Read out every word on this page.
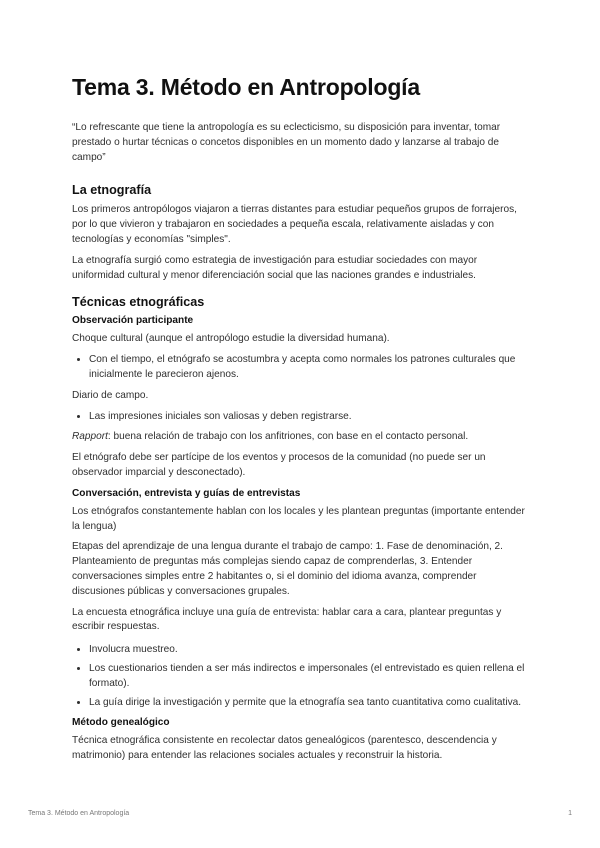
Tema 3. Método en Antropología

“Lo refrescante que tiene la antropología es su eclecticismo, su disposición para inventar, tomar prestado o hurtar técnicas o concetos disponibles en un momento dado y lanzarse al trabajo de campo”

La etnografía

Los primeros antropólogos viajaron a tierras distantes para estudiar pequeños grupos de forrajeros, por lo que vivieron y trabajaron en sociedades a pequeña escala, relativamente aisladas y con tecnologías y economías "simples".

La etnografía surgió como estrategia de investigación para estudiar sociedades con mayor uniformidad cultural y menor diferenciación social que las naciones grandes e industriales.

Técnicas etnográficas
Observación participante

Choque cultural (aunque el antropólogo estudie la diversidad humana).

• Con el tiempo, el etnógrafo se acostumbra y acepta como normales los patrones culturales que inicialmente le parecieron ajenos.

Diario de campo.

• Las impresiones iniciales son valiosas y deben registrarse.

Rapport: buena relación de trabajo con los anfitriones, con base en el contacto personal.

El etnógrafo debe ser partícipe de los eventos y procesos de la comunidad (no puede ser un observador imparcial y desconectado).

Conversación, entrevista y guías de entrevistas

Los etnógrafos constantemente hablan con los locales y les plantean preguntas (importante entender la lengua)

Etapas del aprendizaje de una lengua durante el trabajo de campo: 1. Fase de denominación, 2. Planteamiento de preguntas más complejas siendo capaz de comprenderlas, 3. Entender conversaciones simples entre 2 habitantes o, si el dominio del idioma avanza, comprender discusiones públicas y conversaciones grupales.

La encuesta etnográfica incluye una guía de entrevista: hablar cara a cara, plantear preguntas y escribir respuestas.

• Involucra muestreo.
• Los cuestionarios tienden a ser más indirectos e impersonales (el entrevistado es quien rellena el formato).
• La guía dirige la investigación y permite que la etnografía sea tanto cuantitativa como cualitativa.
Método genealógico

Técnica etnográfica consistente en recolectar datos genealógicos (parentesco, descendencia y matrimonio) para entender las relaciones sociales actuales y reconstruir la historia.

Tema 3. Método en Antropología	1
